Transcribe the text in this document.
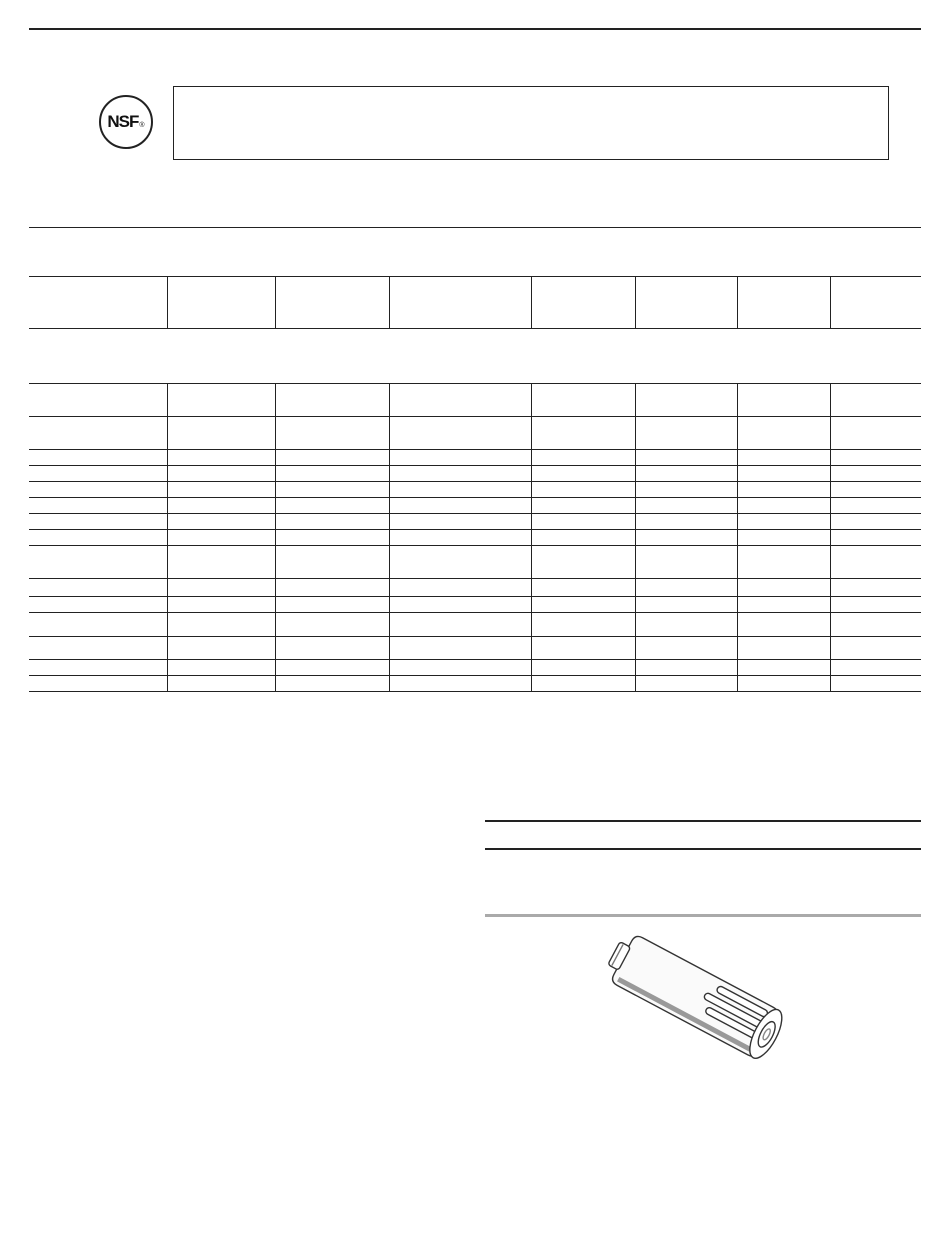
NSF ®
